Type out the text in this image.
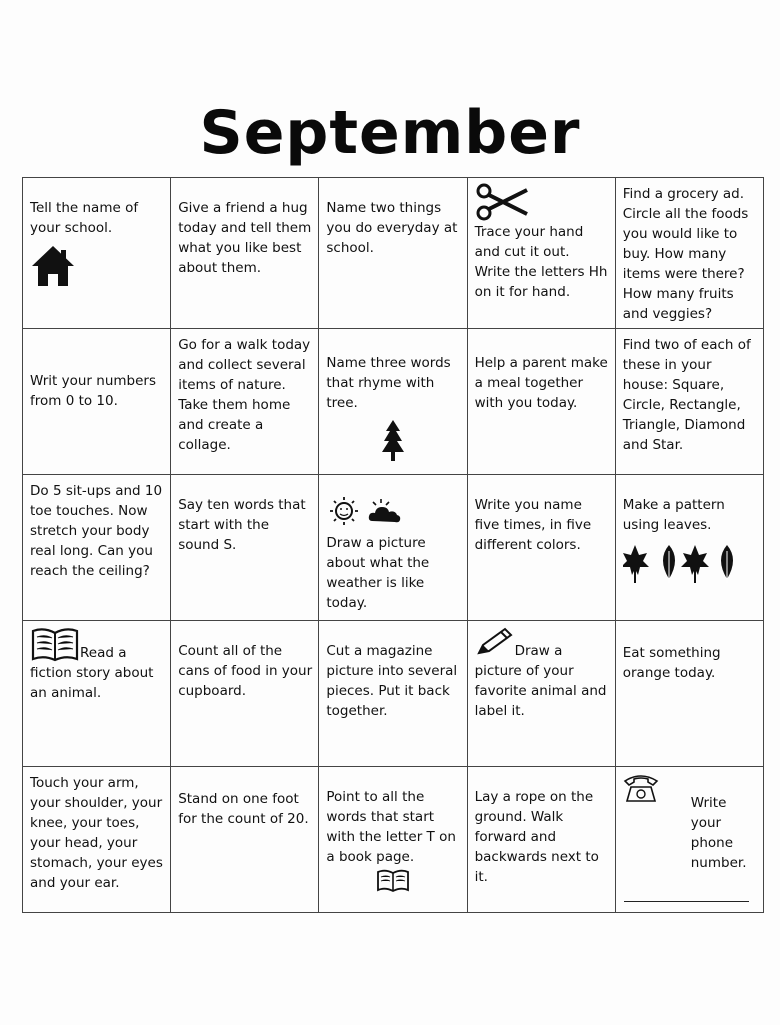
September
Tell the name of your school.	Give a friend a hug today and tell them what you like best about them.	Name two things you do everyday at school.	Trace your hand and cut it out. Write the letters Hh on it for hand.	Find a grocery ad. Circle all the foods you would like to buy. How many items were there? How many fruits and veggies?

Writ your numbers from 0 to 10.	Go for a walk today and collect several items of nature. Take them home and create a collage.	Name three words that rhyme with tree.	Help a parent make a meal together with you today.	Find two of each of these in your house: Square, Circle, Rectangle, Triangle, Diamond and Star.

Do 5 sit-ups and 10 toe touches. Now stretch your body real long. Can you reach the ceiling?	Say ten words that start with the sound S.	Draw a picture about what the weather is like today.	Write you name five times, in five different colors.	Make a pattern using leaves.

Read a fiction story about an animal.	Count all of the cans of food in your cupboard.	Cut a magazine picture into several pieces. Put it back together.	Draw a picture of your favorite animal and label it.	Eat something orange today.

Touch your arm, your shoulder, your knee, your toes, your head, your stomach, your eyes and your ear.	Stand on one foot for the count of 20.	Point to all the words that start with the letter T on a book page.	Lay a rope on the ground. Walk forward and backwards next to it.	Write your phone number.
